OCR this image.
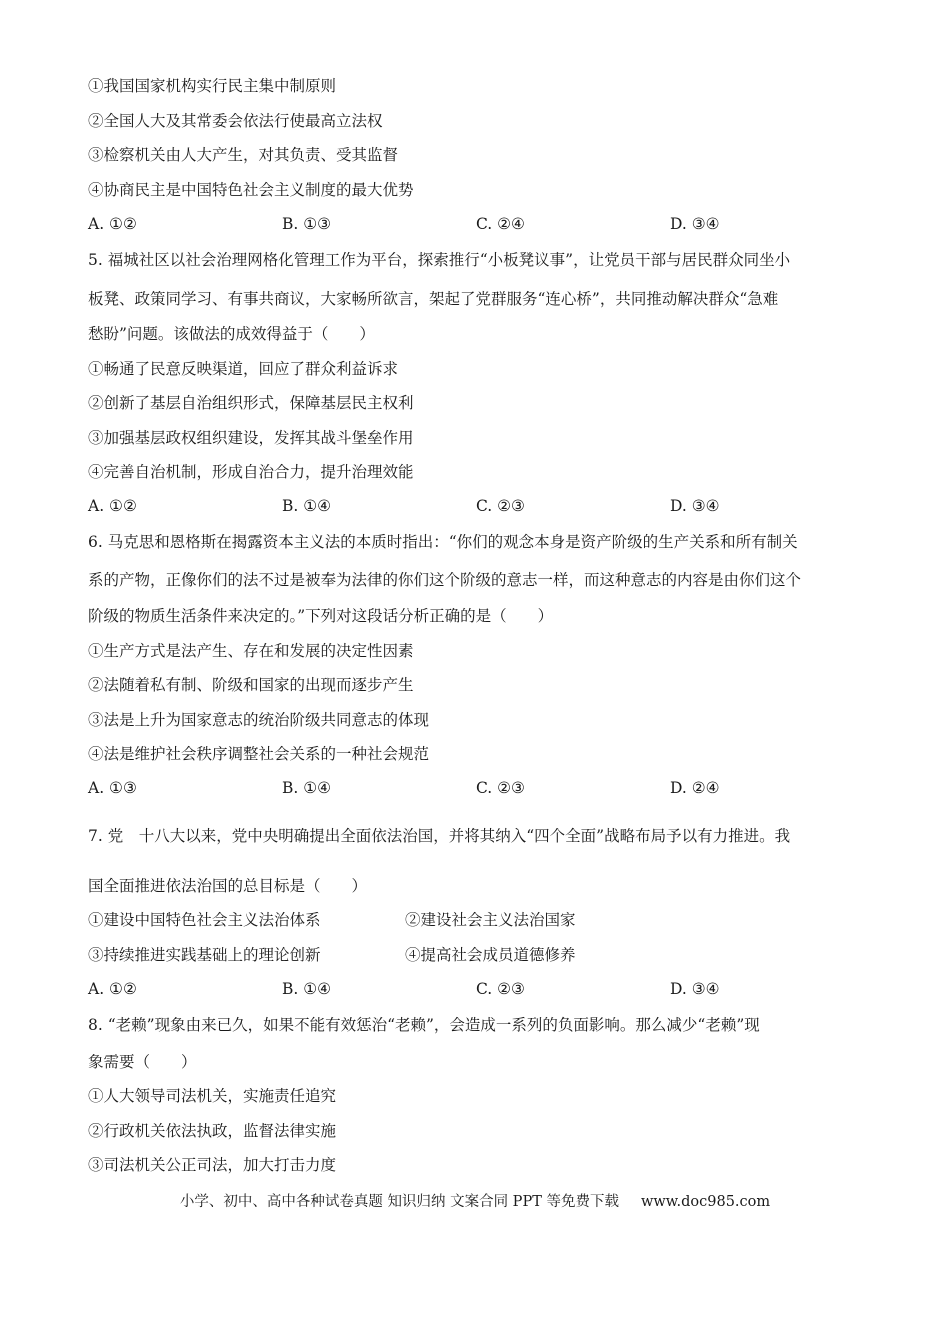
①我国国家机构实行民主集中制原则
②全国人大及其常委会依法行使最高立法权
③检察机关由人大产生，对其负责、受其监督
④协商民主是中国特色社会主义制度的最大优势
A. ①②	B. ①③	C. ②④	D. ③④
5. 福城社区以社会治理网格化管理工作为平台，探索推行“小板凳议事”，让党员干部与居民群众同坐小
板凳、政策同学习、有事共商议，大家畅所欲言，架起了党群服务“连心桥”，共同推动解决群众“急难
愁盼”问题。该做法的成效得益于（　　）
①畅通了民意反映渠道，回应了群众利益诉求
②创新了基层自治组织形式，保障基层民主权利
③加强基层政权组织建设，发挥其战斗堡垒作用
④完善自治机制，形成自治合力，提升治理效能
A. ①②	B. ①④	C. ②③	D. ③④
6. 马克思和恩格斯在揭露资本主义法的本质时指出：“你们的观念本身是资产阶级的生产关系和所有制关
系的产物，正像你们的法不过是被奉为法律的你们这个阶级的意志一样，而这种意志的内容是由你们这个
阶级的物质生活条件来决定的。”下列对这段话分析正确的是（　　）
①生产方式是法产生、存在和发展的决定性因素
②法随着私有制、阶级和国家的出现而逐步产生
③法是上升为国家意志的统治阶级共同意志的体现
④法是维护社会秩序调整社会关系的一种社会规范
A. ①③	B. ①④	C. ②③	D. ②④
7. 党　十八大以来，党中央明确提出全面依法治国，并将其纳入“四个全面”战略布局予以有力推进。我
国全面推进依法治国的总目标是（　　）
①建设中国特色社会主义法治体系	②建设社会主义法治国家
③持续推进实践基础上的理论创新	④提高社会成员道德修养
A. ①②	B. ①④	C. ②③	D. ③④
8. “老赖”现象由来已久，如果不能有效惩治“老赖”，会造成一系列的负面影响。那么减少“老赖”现
象需要（　　）
①人大领导司法机关，实施责任追究
②行政机关依法执政，监督法律实施
③司法机关公正司法，加大打击力度
小学、初中、高中各种试卷真题 知识归纳 文案合同 PPT 等免费下载 www.doc985.com
